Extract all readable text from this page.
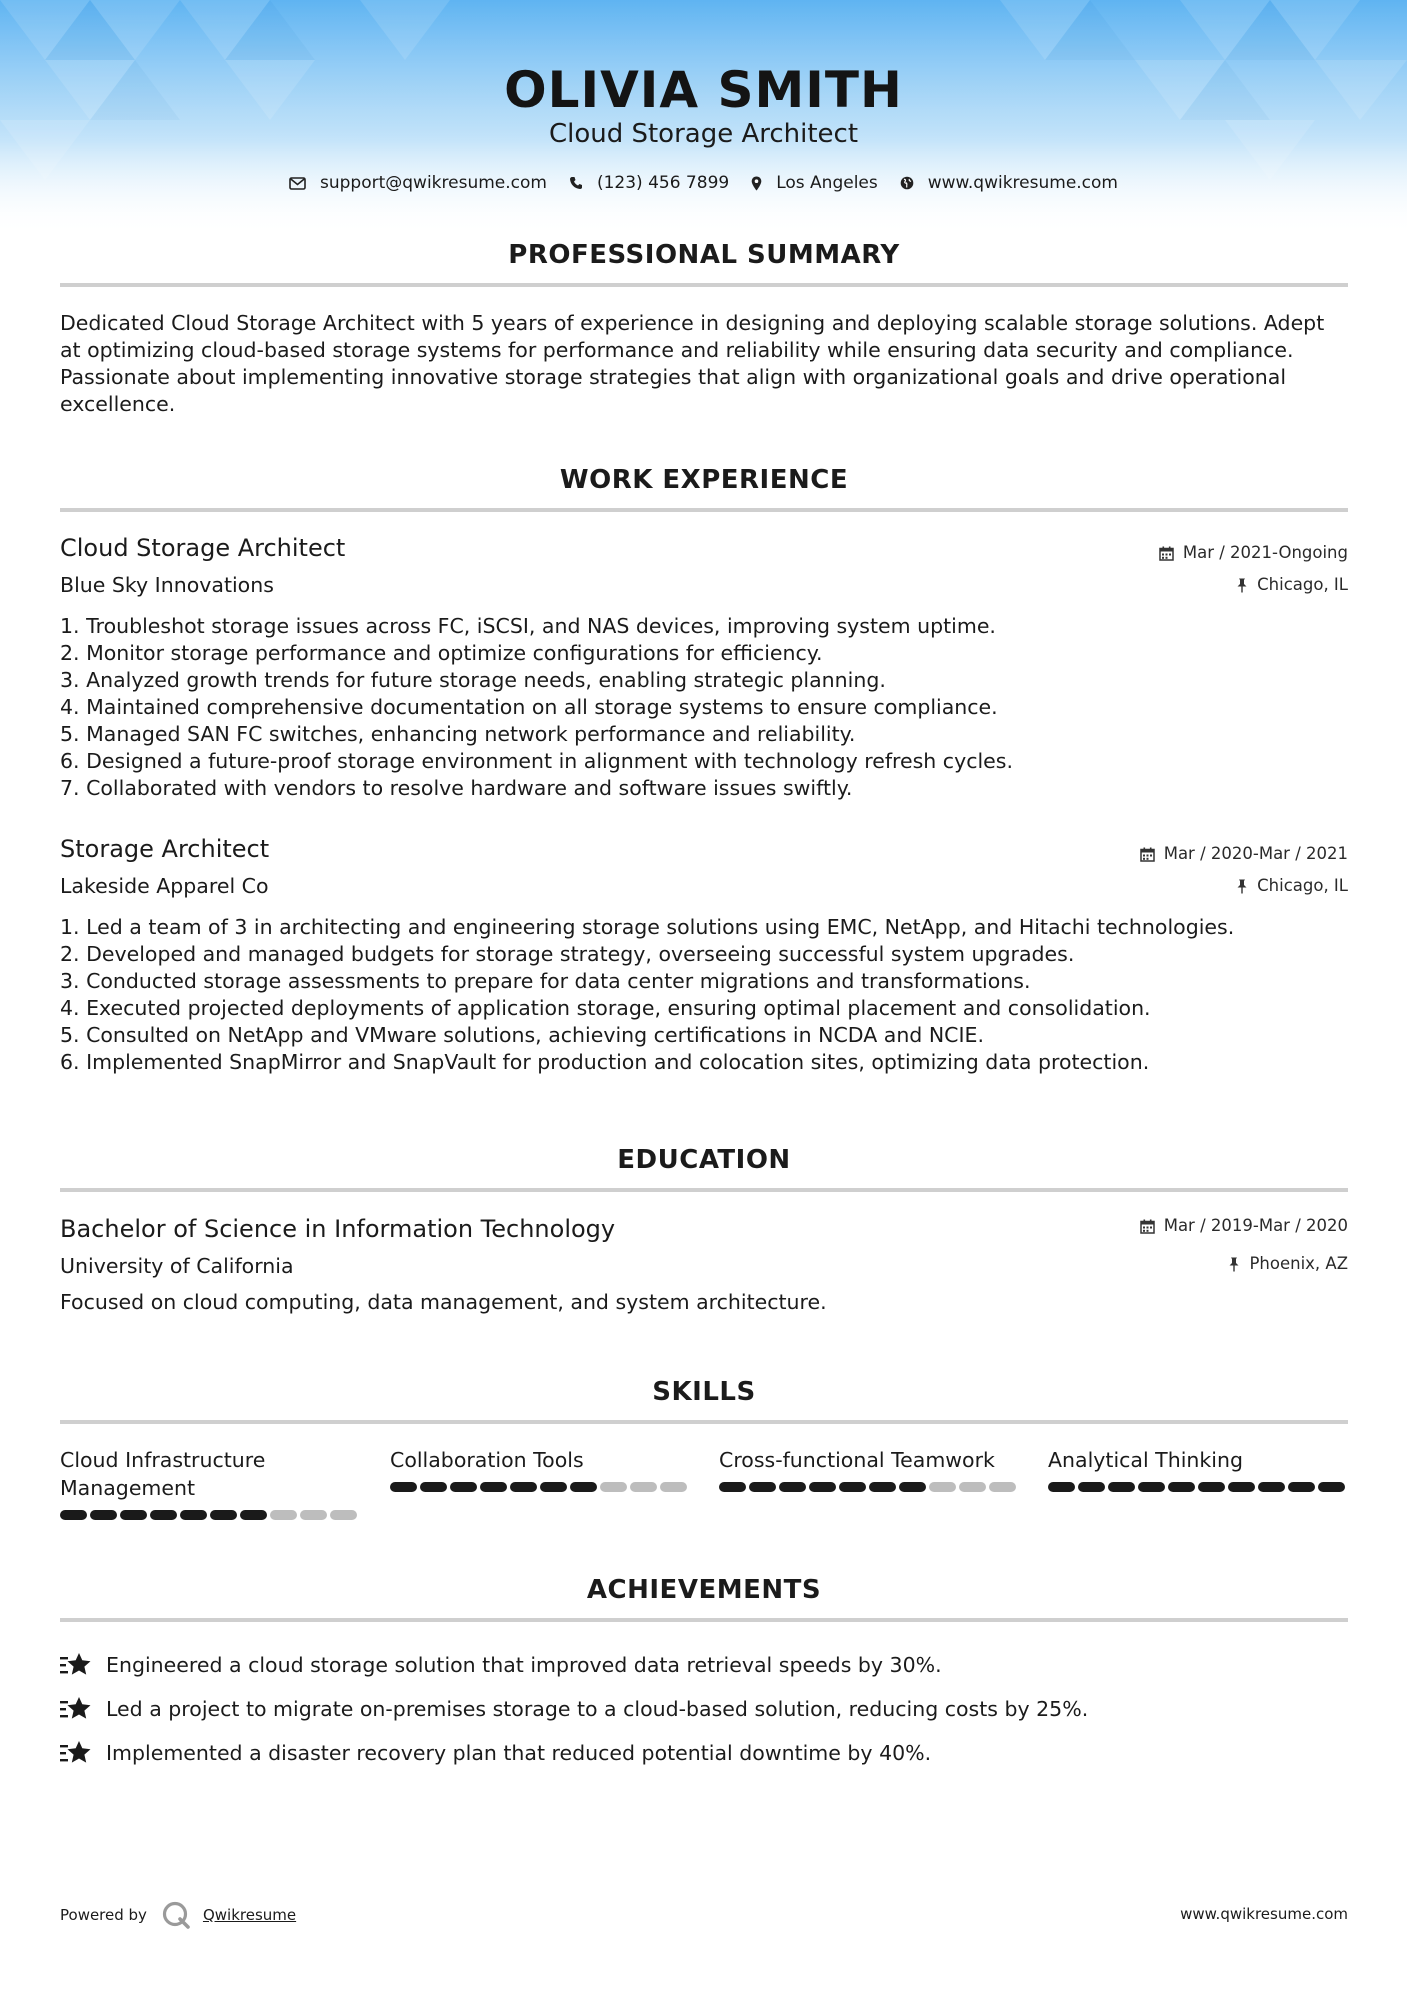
OLIVIA SMITH
Cloud Storage Architect
support@qwikresume.com	(123) 456 7899	Los Angeles	www.qwikresume.com
PROFESSIONAL SUMMARY

Dedicated Cloud Storage Architect with 5 years of experience in designing and deploying scalable storage solutions. Adept at optimizing cloud-based storage systems for performance and reliability while ensuring data security and compliance. Passionate about implementing innovative storage strategies that align with organizational goals and drive operational excellence.

WORK EXPERIENCE
Cloud Storage Architect	Mar / 2021-Ongoing
Blue Sky Innovations	Chicago, IL
1. Troubleshot storage issues across FC, iSCSI, and NAS devices, improving system uptime.
2. Monitor storage performance and optimize configurations for efficiency.
3. Analyzed growth trends for future storage needs, enabling strategic planning.
4. Maintained comprehensive documentation on all storage systems to ensure compliance.
5. Managed SAN FC switches, enhancing network performance and reliability.
6. Designed a future-proof storage environment in alignment with technology refresh cycles.
7. Collaborated with vendors to resolve hardware and software issues swiftly.
Storage Architect	Mar / 2020-Mar / 2021
Lakeside Apparel Co	Chicago, IL
1. Led a team of 3 in architecting and engineering storage solutions using EMC, NetApp, and Hitachi technologies.
2. Developed and managed budgets for storage strategy, overseeing successful system upgrades.
3. Conducted storage assessments to prepare for data center migrations and transformations.
4. Executed projected deployments of application storage, ensuring optimal placement and consolidation.
5. Consulted on NetApp and VMware solutions, achieving certifications in NCDA and NCIE.
6. Implemented SnapMirror and SnapVault for production and colocation sites, optimizing data protection.
EDUCATION
Bachelor of Science in Information Technology	Mar / 2019-Mar / 2020
University of California	Phoenix, AZ
Focused on cloud computing, data management, and system architecture.
SKILLS
Cloud Infrastructure Management
Collaboration Tools	Cross-functional Teamwork	Analytical Thinking
ACHIEVEMENTS
Engineered a cloud storage solution that improved data retrieval speeds by 30%.
Led a project to migrate on-premises storage to a cloud-based solution, reducing costs by 25%.
Implemented a disaster recovery plan that reduced potential downtime by 40%.
Powered by	Qwikresume	www.qwikresume.com
